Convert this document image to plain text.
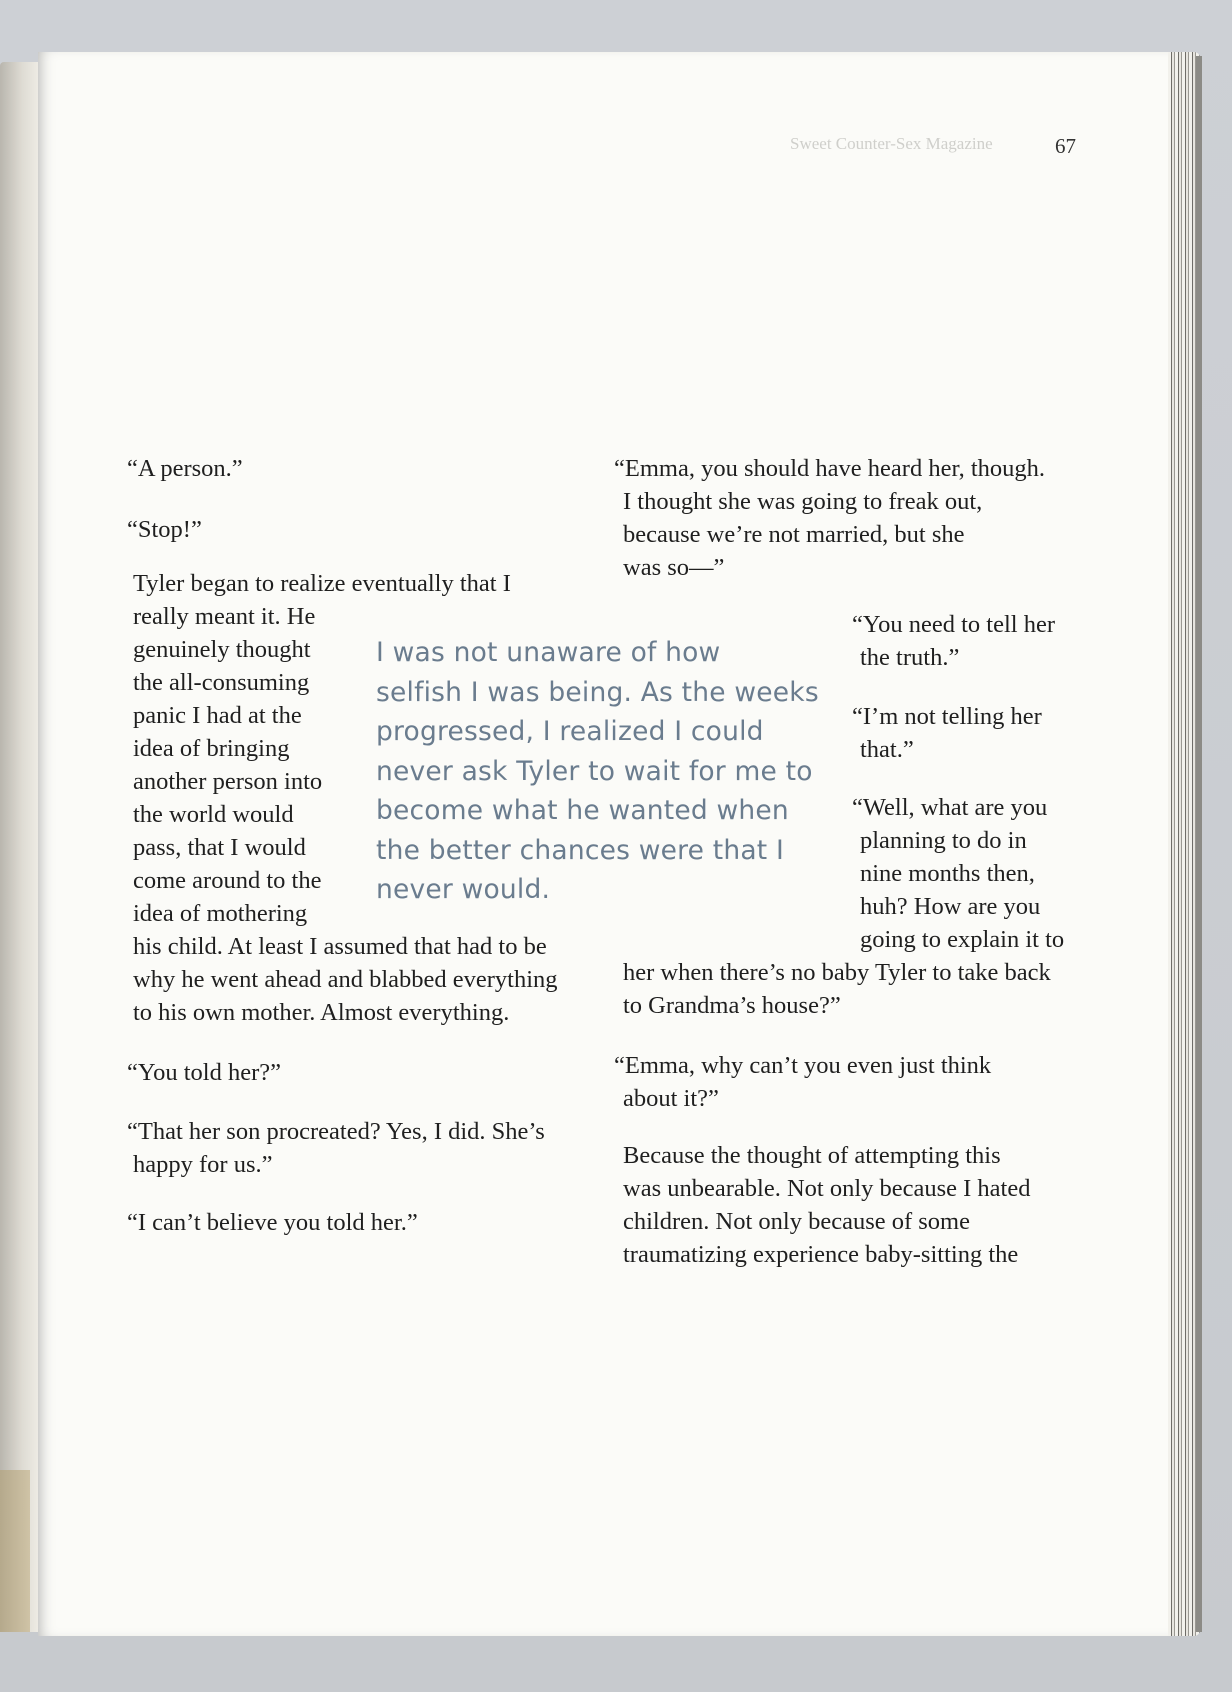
Sweet Counter-Sex Magazine	67
“A person.”
“Stop!”
Tyler began to realize eventually that I
really meant it. He
genuinely thought
the all-consuming
panic I had at the
idea of bringing
another person into
the world would
pass, that I would
come around to the
idea of mothering
his child. At least I assumed that had to be
why he went ahead and blabbed everything
to his own mother. Almost everything.
“You told her?”
“That her son procreated? Yes, I did. She’s
happy for us.”
“I can’t believe you told her.”
I was not unaware of how
selfish I was being. As the weeks
progressed, I realized I could
never ask Tyler to wait for me to
become what he wanted when
the better chances were that I
never would.
“Emma, you should have heard her, though.
I thought she was going to freak out,
because we’re not married, but she
was so—”
“You need to tell her
the truth.”
“I’m not telling her
that.”
“Well, what are you
planning to do in
nine months then,
huh? How are you
going to explain it to
her when there’s no baby Tyler to take back
to Grandma’s house?”
“Emma, why can’t you even just think
about it?”
Because the thought of attempting this
was unbearable. Not only because I hated
children. Not only because of some
traumatizing experience baby-sitting the
